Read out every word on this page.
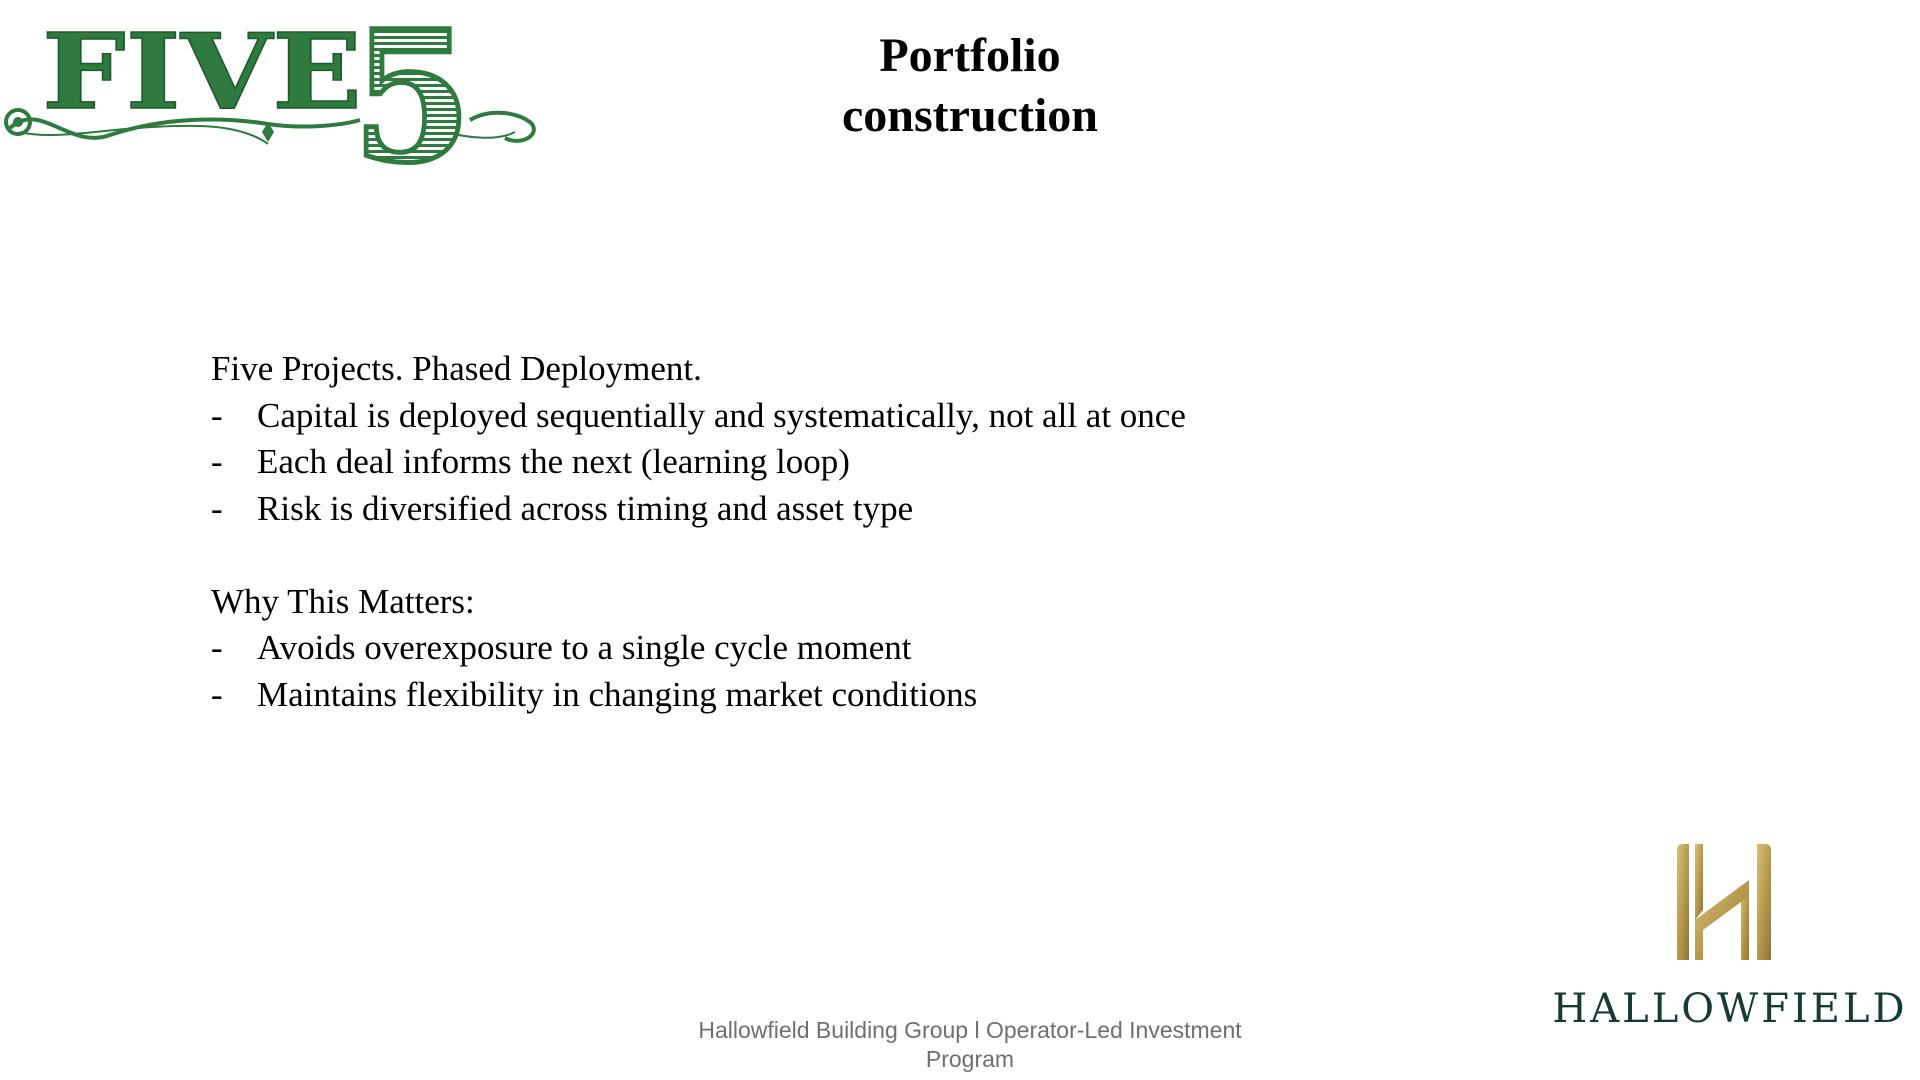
FIVE
5	Portfolio
construction

Five Projects. Phased Deployment.

- Capital is deployed sequentially and systematically, not all at once
- Each deal informs the next (learning loop)
- Risk is diversified across timing and asset type

Why This Matters:

- Avoids overexposure to a single cycle moment
- Maintains flexibility in changing market conditions
Hallowfield Building Group l Operator-Led Investment
Program
HALLOWFIELD
